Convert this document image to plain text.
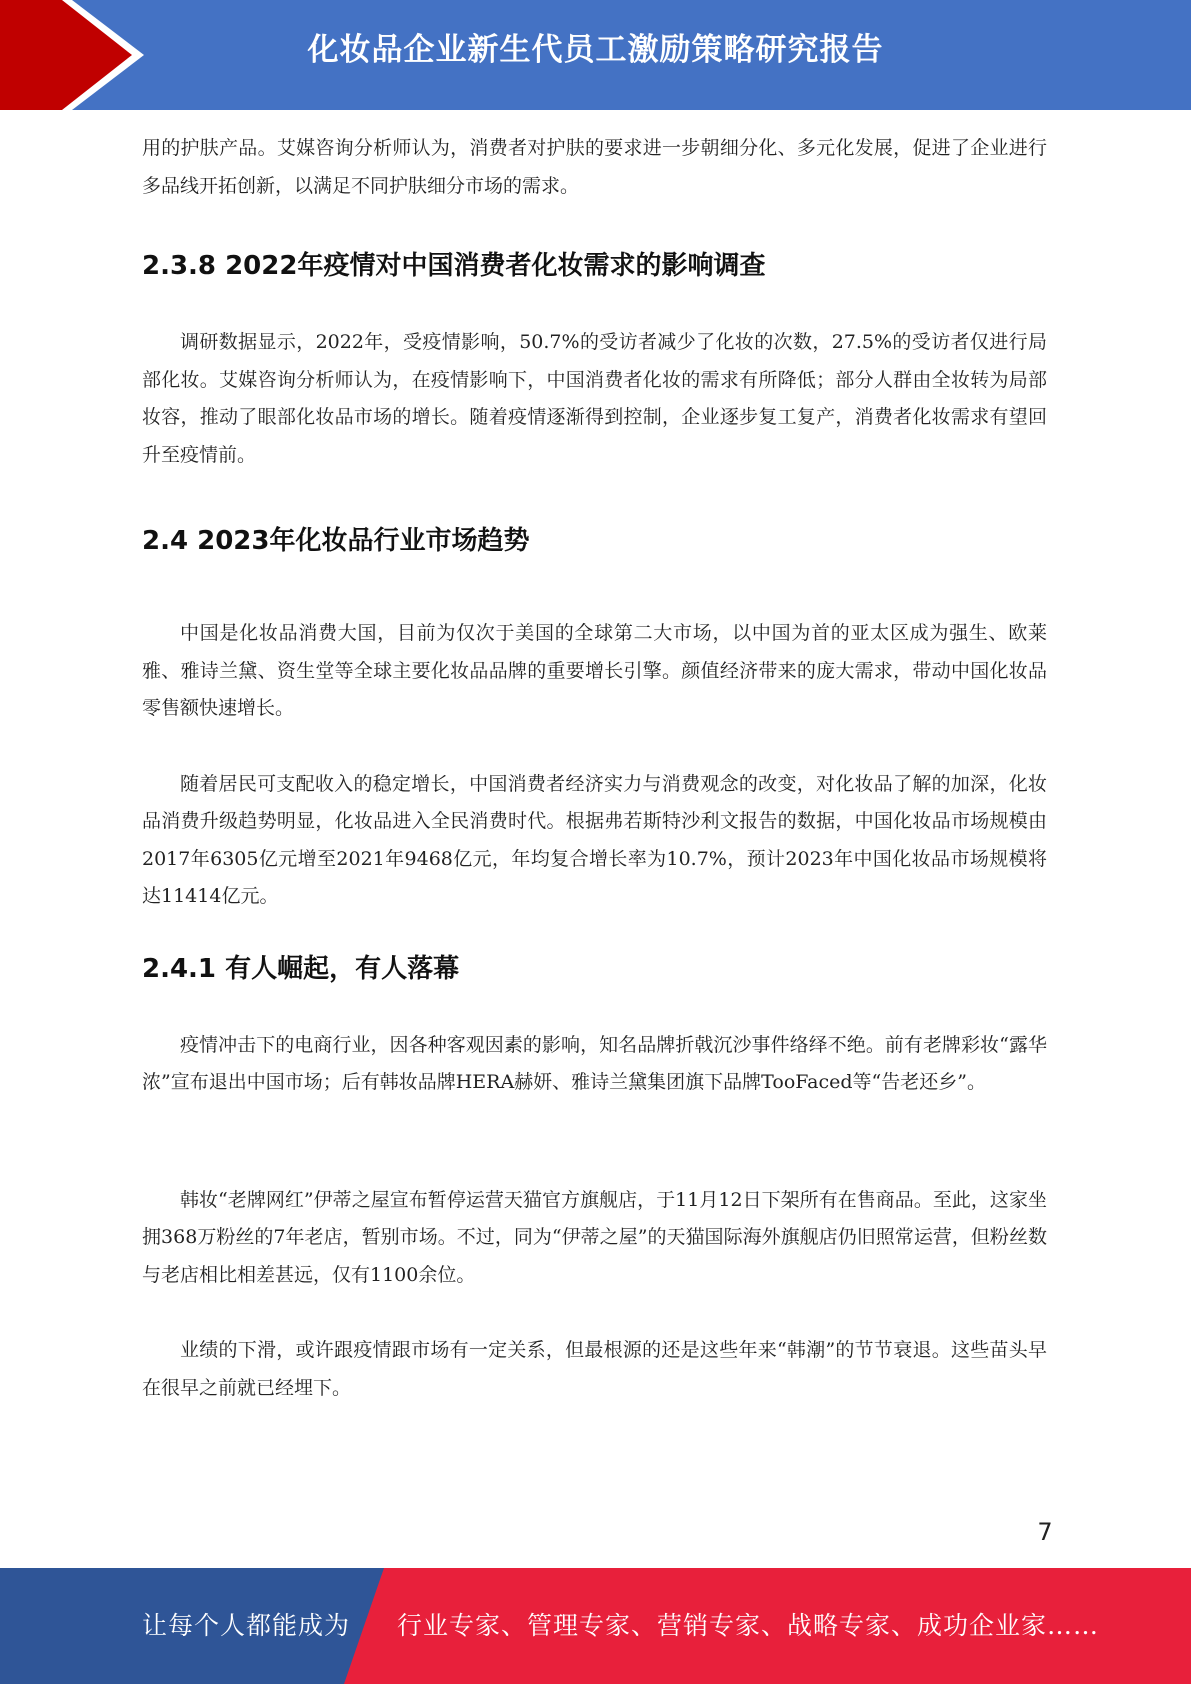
化妆品企业新生代员工激励策略研究报告

用的护肤产品。艾媒咨询分析师认为，消费者对护肤的要求进一步朝细分化、多元化发展，促进了企业进行多品线开拓创新，以满足不同护肤细分市场的需求。

2.3.8 2022年疫情对中国消费者化妆需求的影响调查

调研数据显示，2022年，受疫情影响，50.7%的受访者减少了化妆的次数，27.5%的受访者仅进行局部化妆。艾媒咨询分析师认为，在疫情影响下，中国消费者化妆的需求有所降低；部分人群由全妆转为局部妆容，推动了眼部化妆品市场的增长。随着疫情逐渐得到控制，企业逐步复工复产，消费者化妆需求有望回升至疫情前。

2.4 2023年化妆品行业市场趋势

中国是化妆品消费大国，目前为仅次于美国的全球第二大市场，以中国为首的亚太区成为强生、欧莱雅、雅诗兰黛、资生堂等全球主要化妆品品牌的重要增长引擎。颜值经济带来的庞大需求，带动中国化妆品零售额快速增长。

随着居民可支配收入的稳定增长，中国消费者经济实力与消费观念的改变，对化妆品了解的加深，化妆品消费升级趋势明显，化妆品进入全民消费时代。根据弗若斯特沙利文报告的数据，中国化妆品市场规模由2017年6305亿元增至2021年9468亿元，年均复合增长率为10.7%，预计2023年中国化妆品市场规模将达11414亿元。

2.4.1 有人崛起，有人落幕

疫情冲击下的电商行业，因各种客观因素的影响，知名品牌折戟沉沙事件络绎不绝。前有老牌彩妆“露华浓”宣布退出中国市场；后有韩妆品牌HERA赫妍、雅诗兰黛集团旗下品牌TooFaced等“告老还乡”。

韩妆“老牌网红”伊蒂之屋宣布暂停运营天猫官方旗舰店，于11月12日下架所有在售商品。至此，这家坐拥368万粉丝的7年老店，暂别市场。不过，同为“伊蒂之屋”的天猫国际海外旗舰店仍旧照常运营，但粉丝数与老店相比相差甚远，仅有1100余位。

业绩的下滑，或许跟疫情跟市场有一定关系，但最根源的还是这些年来“韩潮”的节节衰退。这些苗头早在很早之前就已经埋下。

7
让每个人都能成为 行业专家、管理专家、营销专家、战略专家、成功企业家……
